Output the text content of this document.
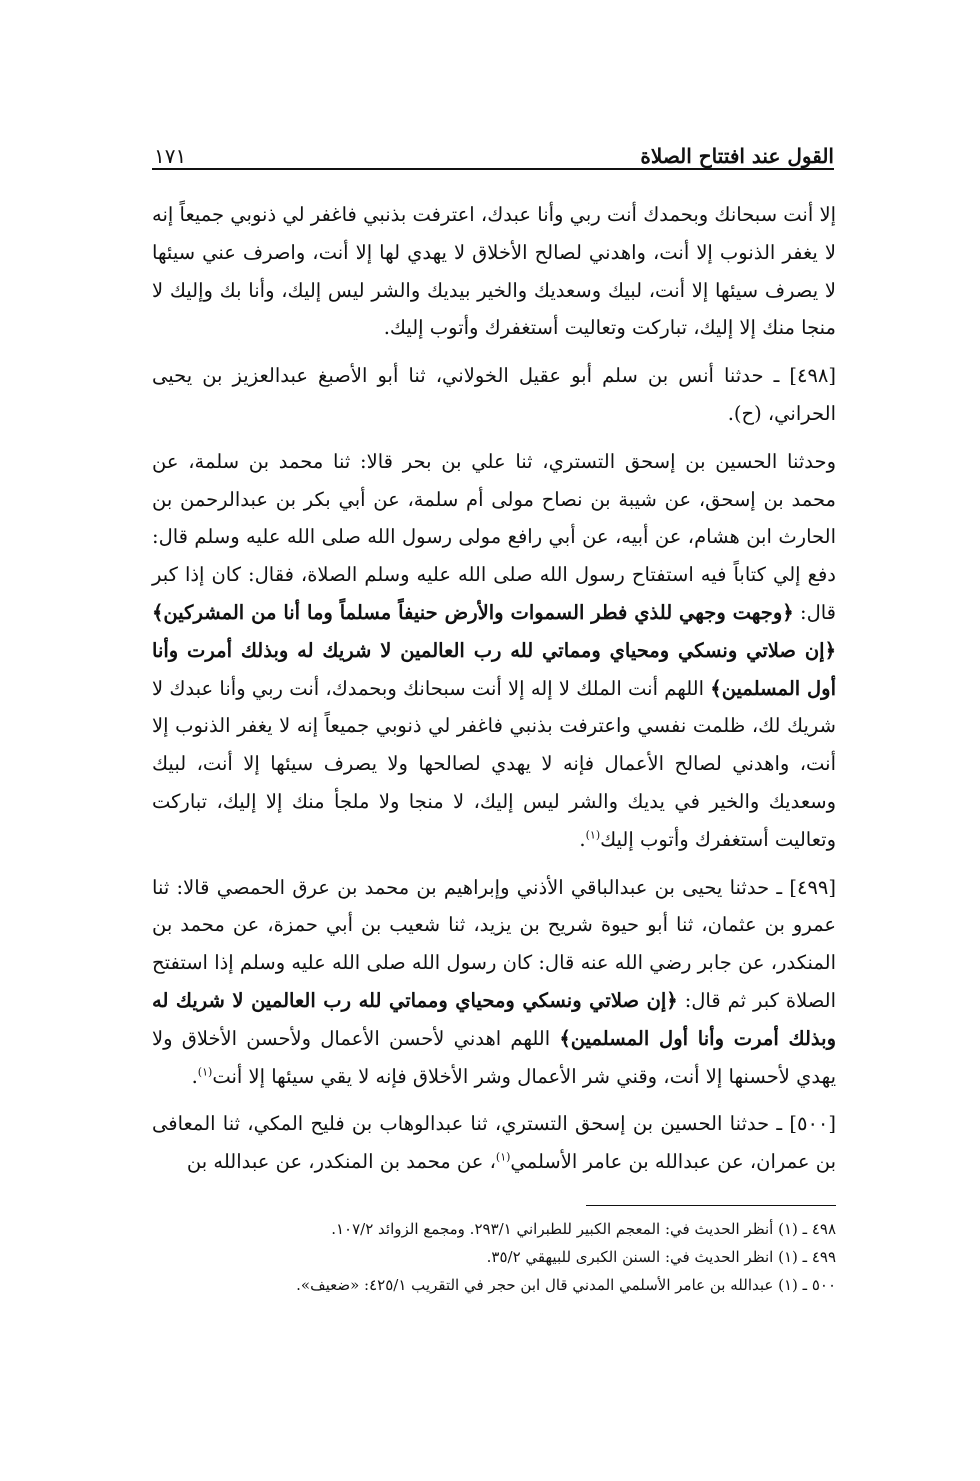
القول عند افتتاح الصلاة
١٧١

إلا أنت سبحانك وبحمدك أنت ربي وأنا عبدك، اعترفت بذنبي فاغفر لي ذنوبي جميعاً إنه لا يغفر الذنوب إلا أنت، واهدني لصالح الأخلاق لا يهدي لها إلا أنت، واصرف عني سيئها لا يصرف سيئها إلا أنت، لبيك وسعديك والخير بيديك والشر ليس إليك، وأنا بك وإليك لا منجا منك إلا إليك، تباركت وتعاليت أستغفرك وأتوب إليك.

[٤٩٨] ـ حدثنا أنس بن سلم أبو عقيل الخولاني، ثنا أبو الأصبغ عبدالعزيز بن يحيى الحراني، (ح).

وحدثنا الحسين بن إسحق التستري، ثنا علي بن بحر قالا: ثنا محمد بن سلمة، عن محمد بن إسحق، عن شيبة بن نصاح مولى أم سلمة، عن أبي بكر بن عبدالرحمن بن الحارث ابن هشام، عن أبيه، عن أبي رافع مولى رسول الله صلى الله عليه وسلم قال: دفع إلي كتاباً فيه استفتاح رسول الله صلى الله عليه وسلم الصلاة، فقال: كان إذا كبر قال: ﴿وجهت وجهي للذي فطر السموات والأرض حنيفاً مسلماً وما أنا من المشركين﴾ ﴿إن صلاتي ونسكي ومحياي ومماتي لله رب العالمين لا شريك له وبذلك أمرت وأنا أول المسلمين﴾ اللهم أنت الملك لا إله إلا أنت سبحانك وبحمدك، أنت ربي وأنا عبدك لا شريك لك، ظلمت نفسي واعترفت بذنبي فاغفر لي ذنوبي جميعاً إنه لا يغفر الذنوب إلا أنت، واهدني لصالح الأعمال فإنه لا يهدي لصالحها ولا يصرف سيئها إلا أنت، لبيك وسعديك والخير في يديك والشر ليس إليك، لا منجا ولا ملجأ منك إلا إليك، تباركت وتعاليت أستغفرك وأتوب إليك$^{(١)}$.

[٤٩٩] ـ حدثنا يحيى بن عبدالباقي الأذني وإبراهيم بن محمد بن عرق الحمصي قالا: ثنا عمرو بن عثمان، ثنا أبو حيوة شريح بن يزيد، ثنا شعيب بن أبي حمزة، عن محمد بن المنكدر، عن جابر رضي الله عنه قال: كان رسول الله صلى الله عليه وسلم إذا استفتح الصلاة كبر ثم قال: ﴿إن صلاتي ونسكي ومحياي ومماتي لله رب العالمين لا شريك له وبذلك أمرت وأنا أول المسلمين﴾ اللهم اهدني لأحسن الأعمال ولأحسن الأخلاق ولا يهدي لأحسنها إلا أنت، وقني شر الأعمال وشر الأخلاق فإنه لا يقي سيئها إلا أنت$^{(١)}$.

[٥٠٠] ـ حدثنا الحسين بن إسحق التستري، ثنا عبدالوهاب بن فليح المكي، ثنا المعافى بن عمران، عن عبدالله بن عامر الأسلمي$^{(١)}$، عن محمد بن المنكدر، عن عبدالله بن

٤٩٨ ـ (١) أنظر الحديث في: المعجم الكبير للطبراني ٢٩٣/١. ومجمع الزوائد ١٠٧/٢.
٤٩٩ ـ (١) انظر الحديث في: السنن الكبرى للبيهقي ٣٥/٢.
٥٠٠ ـ (١) عبدالله بن عامر الأسلمي المدني قال ابن حجر في التقريب ٤٢٥/١: «ضعيف».
